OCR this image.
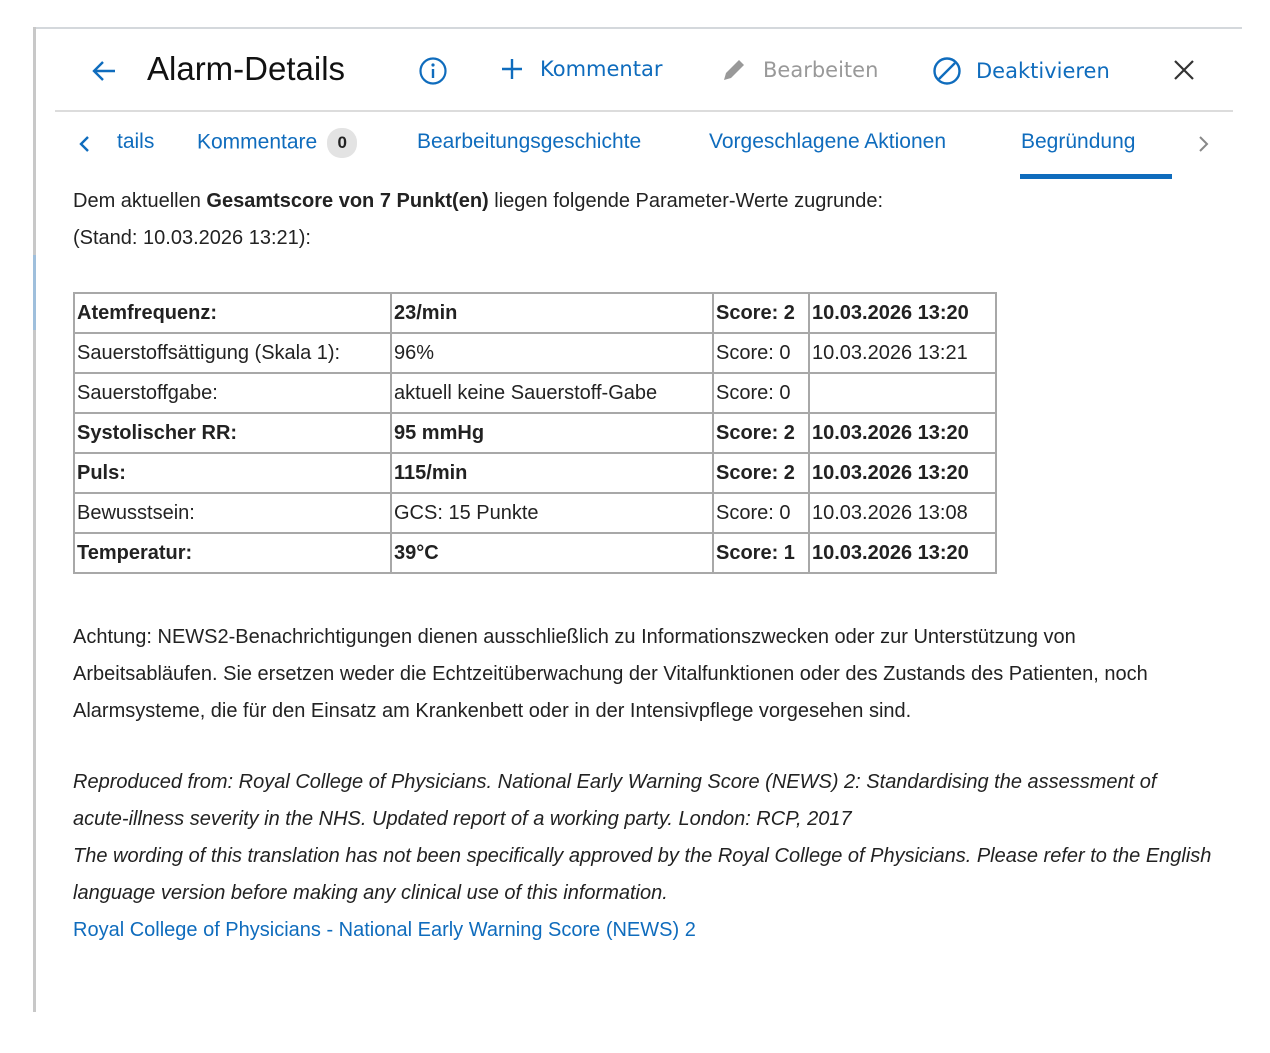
Alarm-Details	Kommentar	Bearbeiten	Deaktivieren
tails Kommentare 0	Bearbeitungsgeschichte	Vorgeschlagene Aktionen	Begründung

Dem aktuellen Gesamtscore von 7 Punkt(en) liegen folgende Parameter-Werte zugrunde:
(Stand: 10.03.2026 13:21):

Atemfrequenz:	23/min	Score: 2	10.03.2026 13:20
Sauerstoffsättigung (Skala 1):	96%	Score: 0	10.03.2026 13:21
Sauerstoffgabe:	aktuell keine Sauerstoff-Gabe	Score: 0	
Systolischer RR:	95 mmHg	Score: 2	10.03.2026 13:20
Puls:	115/min	Score: 2	10.03.2026 13:20
Bewusstsein:	GCS: 15 Punkte	Score: 0	10.03.2026 13:08
Temperatur:	39°C	Score: 1	10.03.2026 13:20

Achtung: NEWS2-Benachrichtigungen dienen ausschließlich zu Informationszwecken oder zur Unterstützung von Arbeitsabläufen. Sie ersetzen weder die Echtzeitüberwachung der Vitalfunktionen oder des Zustands des Patienten, noch Alarmsysteme, die für den Einsatz am Krankenbett oder in der Intensivpflege vorgesehen sind.

Reproduced from: Royal College of Physicians. National Early Warning Score (NEWS) 2: Standardising the assessment of acute-illness severity in the NHS. Updated report of a working party. London: RCP, 2017
The wording of this translation has not been specifically approved by the Royal College of Physicians. Please refer to the English language version before making any clinical use of this information.

Royal College of Physicians - National Early Warning Score (NEWS) 2
